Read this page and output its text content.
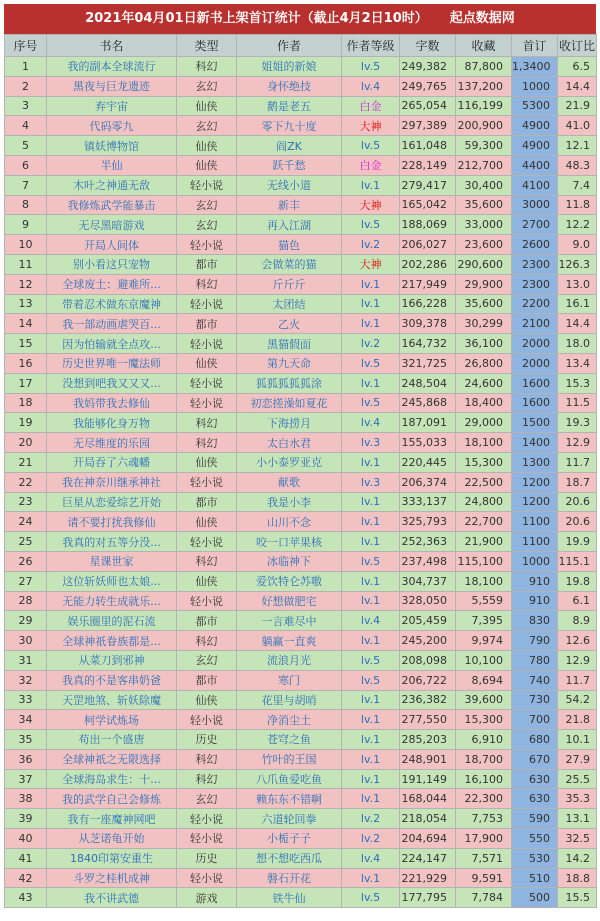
2021年04月01日新书上架首订统计（截止4月2日10时） 起点数据网
序号	书名	类型	作者	作者等级	字数	收藏	首订	收订比
1	我的副本全球流行	科幻	姐姐的新娘	lv.5	249,382	87,800	1,3400	6.5
2	黑夜与巨龙遗迹	玄幻	身怀绝技	lv.4	249,765	137,200	1000	14.4
3	弃宇宙	仙侠	鹅是老五	白金	265,054	116,199	5300	21.9
4	代码零九	玄幻	零下九十度	大神	297,389	200,900	4900	41.0
5	镇妖博物馆	仙侠	阎ZK	lv.5	161,048	59,300	4900	12.1
6	半仙	仙侠	跃千愁	白金	228,149	212,700	4400	48.3
7	木叶之神通无敌	轻小说	无线小道	lv.1	279,417	30,400	4100	7.4
8	我修炼武学能暴击	玄幻	新丰	大神	165,042	35,600	3000	11.8
9	无尽黑暗游戏	玄幻	再入江湖	lv.5	188,069	33,000	2700	12.2
10	开局人间体	轻小说	猫色	lv.2	206,027	23,600	2600	9.0
11	别小看这只宠物	都市	会做菜的猫	大神	202,286	290,600	2300	126.3
12	全球废土：避难所...	科幻	斤斤斤	lv.1	217,949	29,900	2300	13.0
13	带着忍术做东京魔神	轻小说	太团结	lv.1	166,228	35,600	2200	16.1
14	我一部动画虐哭百...	都市	乙火	lv.1	309,378	30,299	2100	14.4
15	因为怕输就全点攻...	轻小说	黑猫假面	lv.2	164,732	36,100	2000	18.0
16	历史世界唯一魔法师	仙侠	第九天命	lv.5	321,725	26,800	2000	13.4
17	没想到吧我又又又...	轻小说	狐狐狐狐狐涂	lv.1	248,504	24,600	1600	15.3
18	我妈带我去修仙	轻小说	初恋搓澡如夏花	lv.5	245,868	18,400	1600	11.5
19	我能够化身万物	科幻	下海捞月	lv.4	187,091	29,000	1500	19.3
20	无尽维度的乐园	科幻	太白水君	lv.3	155,033	18,100	1400	12.9
21	开局吞了六魂幡	仙侠	小小泰罗亚克	lv.1	220,445	15,300	1300	11.7
22	我在神奈川继承神社	轻小说	献歌	lv.3	206,374	22,500	1200	18.7
23	巨星从恋爱综艺开始	都市	我是小李	lv.1	333,137	24,800	1200	20.6
24	请不要打扰我修仙	仙侠	山川不念	lv.1	325,793	22,700	1100	20.6
25	我真的对五等分没...	轻小说	咬一口苹果核	lv.1	252,363	21,900	1100	19.9
26	星课世家	科幻	冰临神下	lv.5	237,498	115,100	1000	115.1
27	这位斩妖师也太娘...	仙侠	爱饮特仑苏嗷	lv.1	304,737	18,100	910	19.8
28	无能力转生成就乐...	轻小说	好想做肥宅	lv.1	328,050	5,559	910	6.1
29	娱乐圈里的泥石流	都市	一言难尽中	lv.4	205,459	7,395	830	8.9
30	全球神祇眷族都是...	科幻	躺赢一直爽	lv.1	245,200	9,974	790	12.6
31	从菜刀到邪神	玄幻	流浪月光	lv.5	208,098	10,100	780	12.9
32	我真的不是客串奶爸	都市	寒门	lv.5	206,722	8,694	740	11.7
33	天罡地煞、斩妖除魔	仙侠	花里与胡哨	lv.1	236,382	39,600	730	54.2
34	柯学试炼场	轻小说	净消尘土	lv.1	277,550	15,300	700	21.8
35	苟出一个盛唐	历史	苍穹之鱼	lv.1	285,203	6,910	680	10.1
36	全球神祇之无限选择	科幻	竹叶的王国	lv.1	248,901	18,700	670	27.9
37	全球海岛求生：十...	科幻	八爪鱼爱吃鱼	lv.1	191,149	16,100	630	25.5
38	我的武学自己会修炼	玄幻	赖东东不错啊	lv.1	168,044	22,300	630	35.3
39	我有一座魔神网吧	轻小说	六道轮回拳	lv.2	218,054	7,753	590	13.1
40	从芝诺龟开始	轻小说	小栀子子	lv.2	204,694	17,900	550	32.5
41	1840印第安重生	历史	想不想吃西瓜	lv.4	224,147	7,571	530	14.2
42	斗罗之桂机成神	轻小说	磐石开花	lv.1	221,929	9,591	510	18.8
43	我不讲武德	游戏	铁牛仙	lv.5	177,795	7,784	500	15.5
